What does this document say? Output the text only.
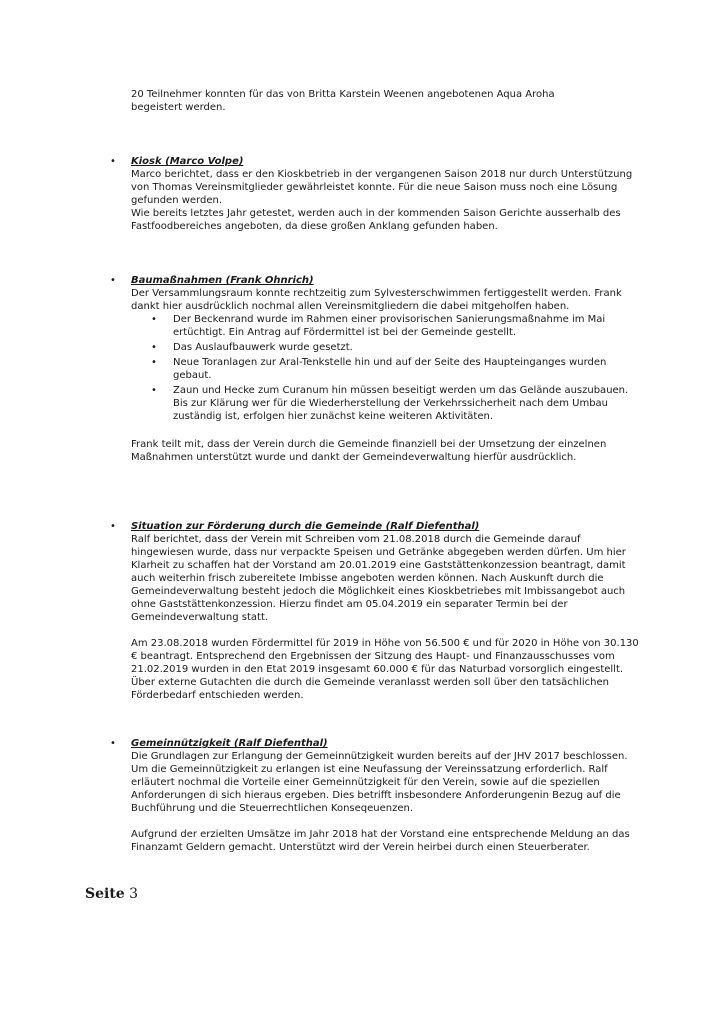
20 Teilnehmer konnten für das von Britta Karstein Weenen angebotenen Aqua Aroha

begeistert werden.

• Kiosk (Marco Volpe)

Marco berichtet, dass er den Kioskbetrieb in der vergangenen Saison 2018 nur durch Unterstützung von Thomas Vereinsmitglieder gewährleistet konnte. Für die neue Saison muss noch eine Lösung gefunden werden.

Wie bereits letztes Jahr getestet, werden auch in der kommenden Saison Gerichte ausserhalb des Fastfoodbereiches angeboten, da diese großen Anklang gefunden haben.

• Baumaßnahmen (Frank Ohnrich)

Der Versammlungsraum konnte rechtzeitig zum Sylvesterschwimmen fertiggestellt werden. Frank dankt hier ausdrücklich nochmal allen Vereinsmitgliedern die dabei mitgeholfen haben.

• Der Beckenrand wurde im Rahmen einer provisorischen Sanierungsmaßnahme im Mai ertüchtigt. Ein Antrag auf Fördermittel ist bei der Gemeinde gestellt.
• Das Auslaufbauwerk wurde gesetzt.
• Neue Toranlagen zur Aral-Tenkstelle hin und auf der Seite des Haupteinganges wurden gebaut.
• Zaun und Hecke zum Curanum hin müssen beseitigt werden um das Gelände auszubauen. Bis zur Klärung wer für die Wiederherstellung der Verkehrssicherheit nach dem Umbau zuständig ist, erfolgen hier zunächst keine weiteren Aktivitäten.

Frank teilt mit, dass der Verein durch die Gemeinde finanziell bei der Umsetzung der einzelnen Maßnahmen unterstützt wurde und dankt der Gemeindeverwaltung hierfür ausdrücklich.

• Situation zur Förderung durch die Gemeinde (Ralf Diefenthal)

Ralf berichtet, dass der Verein mit Schreiben vom 21.08.2018 durch die Gemeinde darauf hingewiesen wurde, dass nur verpackte Speisen und Getränke abgegeben werden dürfen. Um hier Klarheit zu schaffen hat der Vorstand am 20.01.2019 eine Gaststättenkonzession beantragt, damit auch weiterhin frisch zubereitete Imbisse angeboten werden können. Nach Auskunft durch die Gemeindeverwaltung besteht jedoch die Möglichkeit eines Kioskbetriebes mit Imbissangebot auch ohne Gaststättenkonzession. Hierzu findet am 05.04.2019 ein separater Termin bei der Gemeindeverwaltung statt.

Am 23.08.2018 wurden Fördermittel für 2019 in Höhe von 56.500 € und für 2020 in Höhe von 30.130 € beantragt. Entsprechend den Ergebnissen der Sitzung des Haupt- und Finanzausschusses vom 21.02.2019 wurden in den Etat 2019 insgesamt 60.000 € für das Naturbad vorsorglich eingestellt. Über externe Gutachten die durch die Gemeinde veranlasst werden soll über den tatsächlichen Förderbedarf entschieden werden.

• Gemeinnützigkeit (Ralf Diefenthal)

Die Grundlagen zur Erlangung der Gemeinnützigkeit wurden bereits auf der JHV 2017 beschlossen. Um die Gemeinnützigkeit zu erlangen ist eine Neufassung der Vereinssatzung erforderlich. Ralf erläutert nochmal die Vorteile einer Gemeinnützigkeit für den Verein, sowie auf die speziellen Anforderungen di sich hieraus ergeben. Dies betrifft insbesondere Anforderungenin Bezug auf die Buchführung und die Steuerrechtlichen Konseqeuenzen.

Aufgrund der erzielten Umsätze im Jahr 2018 hat der Vorstand eine entsprechende Meldung an das Finanzamt Geldern gemacht. Unterstützt wird der Verein heirbei durch einen Steuerberater.

Seite 3
